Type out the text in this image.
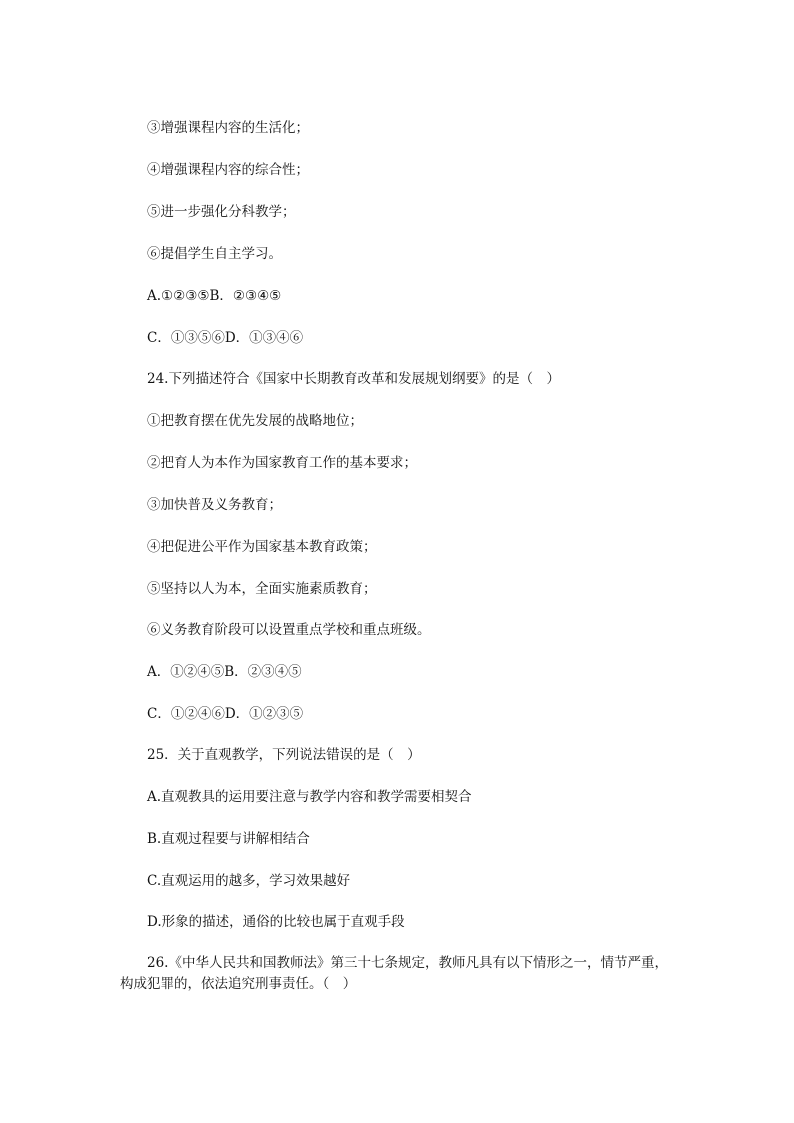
③增强课程内容的生活化；
④增强课程内容的综合性；
⑤进一步强化分科教学；
⑥提倡学生自主学习。
A.①②③⑤B．②③④⑤
C．①③⑤⑥D．①③④⑥
24.下列描述符合《国家中长期教育改革和发展规划纲要》的是（　）
①把教育摆在优先发展的战略地位；
②把育人为本作为国家教育工作的基本要求；
③加快普及义务教育；
④把促进公平作为国家基本教育政策；
⑤坚持以人为本，全面实施素质教育；
⑥义务教育阶段可以设置重点学校和重点班级。
A．①②④⑤B．②③④⑤
C．①②④⑥D．①②③⑤
25．关于直观教学，下列说法错误的是（　）
A.直观教具的运用要注意与教学内容和教学需要相契合
B.直观过程要与讲解相结合
C.直观运用的越多，学习效果越好
D.形象的描述，通俗的比较也属于直观手段
26.《中华人民共和国教师法》第三十七条规定，教师凡具有以下情形之一，情节严重，构成犯罪的，依法追究刑事责任。（　）
